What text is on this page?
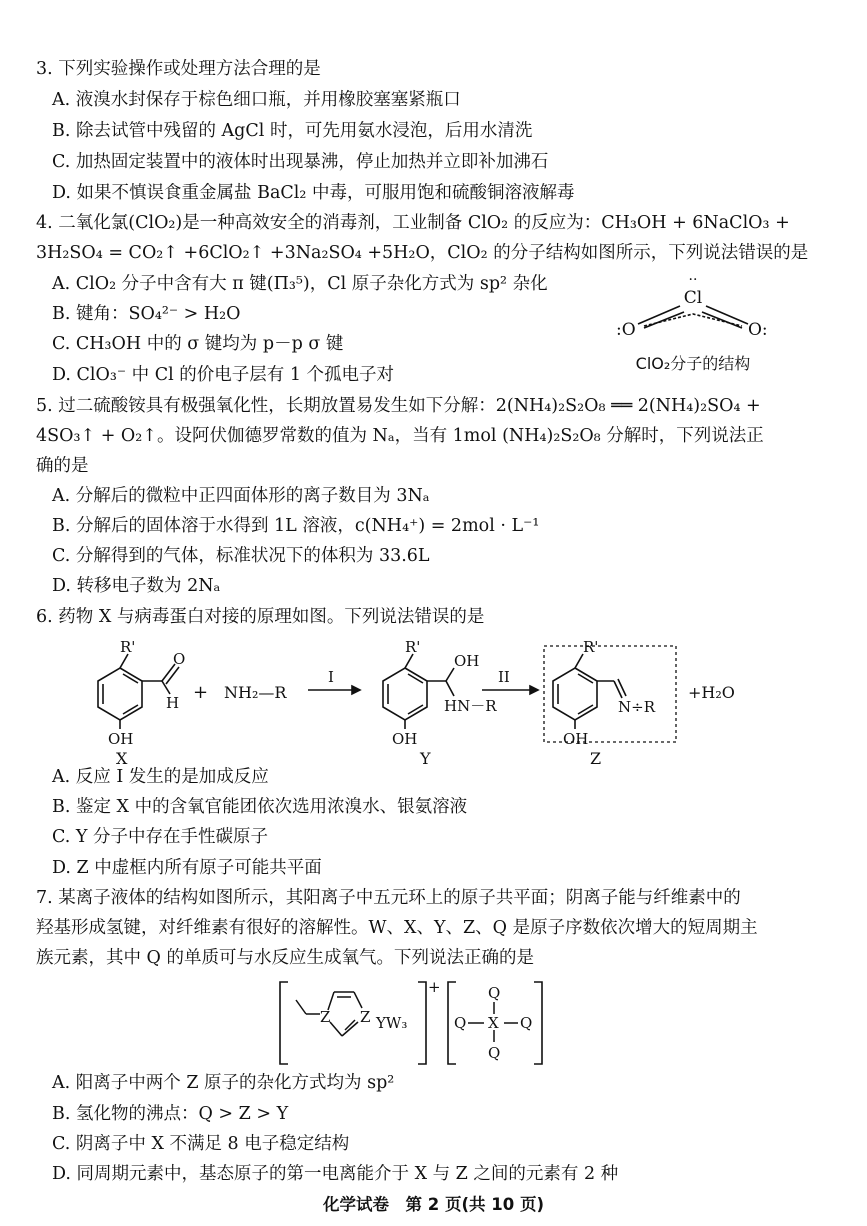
3. 下列实验操作或处理方法合理的是
A. 液溴水封保存于棕色细口瓶，并用橡胶塞塞紧瓶口
B. 除去试管中残留的 AgCl 时，可先用氨水浸泡，后用水清洗
C. 加热固定装置中的液体时出现暴沸，停止加热并立即补加沸石
D. 如果不慎误食重金属盐 BaCl₂ 中毒，可服用饱和硫酸铜溶液解毒
4. 二氧化氯(ClO₂)是一种高效安全的消毒剂，工业制备 ClO₂ 的反应为：CH₃OH + 6NaClO₃ +
3H₂SO₄ = CO₂↑ +6ClO₂↑ +3Na₂SO₄ +5H₂O，ClO₂ 的分子结构如图所示，下列说法错误的是
A. ClO₂ 分子中含有大 π 键(Π₃⁵)，Cl 原子杂化方式为 sp² 杂化
B. 键角：SO₄²⁻ > H₂O
C. CH₃OH 中的 σ 键均为 p－p σ 键
D. ClO₃⁻ 中 Cl 的价电子层有 1 个孤电子对
··
Cl
:O	O:
ClO₂分子的结构
5. 过二硫酸铵具有极强氧化性，长期放置易发生如下分解：2(NH₄)₂S₂O₈ ══ 2(NH₄)₂SO₄ +
4SO₃↑ + O₂↑。设阿伏伽德罗常数的值为 Nₐ，当有 1mol (NH₄)₂S₂O₈ 分解时，下列说法正
确的是
A. 分解后的微粒中正四面体形的离子数目为 3Nₐ
B. 分解后的固体溶于水得到 1L 溶液，c(NH₄⁺) = 2mol · L⁻¹
C. 分解得到的气体，标准状况下的体积为 33.6L
D. 转移电子数为 2Nₐ
6. 药物 X 与病毒蛋白对接的原理如图。下列说法错误的是
R'
O
H
OH
X
+ NH₂—R
I
R'
OH
HN－R
OH
Y
II
R'
N÷R
OH
Z
+H₂O
A. 反应 I 发生的是加成反应
B. 鉴定 X 中的含氧官能团依次选用浓溴水、银氨溶液
C. Y 分子中存在手性碳原子
D. Z 中虚框内所有原子可能共平面
7. 某离子液体的结构如图所示，其阳离子中五元环上的原子共平面；阴离子能与纤维素中的
羟基形成氢键，对纤维素有很好的溶解性。W、X、Y、Z、Q 是原子序数依次增大的短周期主
族元素，其中 Q 的单质可与水反应生成氧气。下列说法正确的是
Z Z YW₃
+	Q
X
Q	Q
Q
A. 阳离子中两个 Z 原子的杂化方式均为 sp²
B. 氢化物的沸点：Q > Z > Y
C. 阴离子中 X 不满足 8 电子稳定结构
D. 同周期元素中，基态原子的第一电离能介于 X 与 Z 之间的元素有 2 种
化学试卷　第 2 页(共 10 页)
